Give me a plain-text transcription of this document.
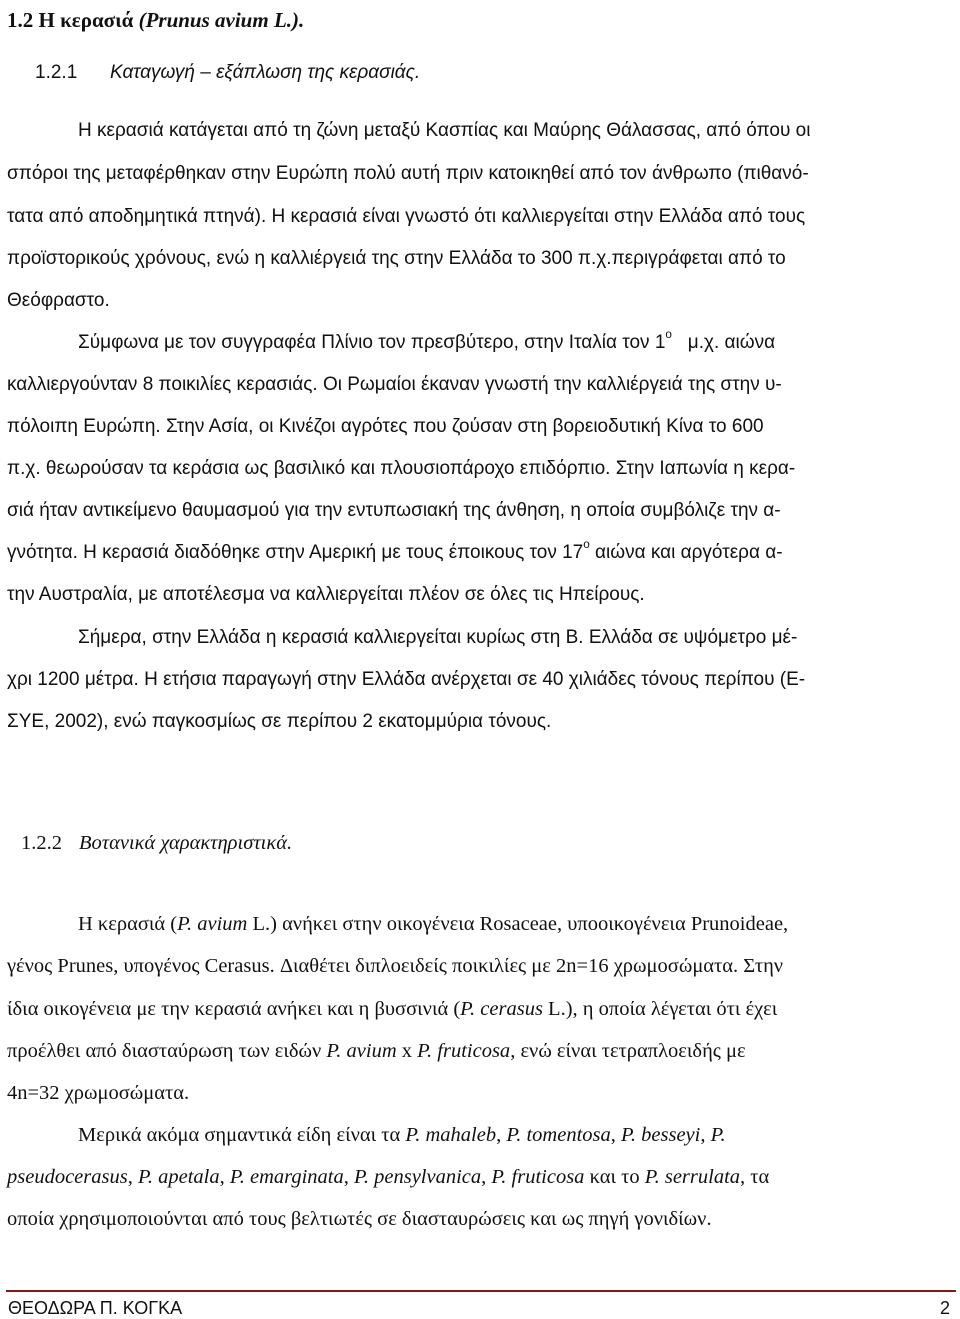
1.2 Η κερασιά (Prunus avium L.).
1.2.1 Καταγωγή – εξάπλωση της κερασιάς.
Η κερασιά κατάγεται από τη ζώνη μεταξύ Κασπίας και Μαύρης Θάλασσας, από όπου οι
σπόροι της μεταφέρθηκαν στην Ευρώπη πολύ αυτή πριν κατοικηθεί από τον άνθρωπο (πιθανό-
τατα από αποδημητικά πτηνά). Η κερασιά είναι γνωστό ότι καλλιεργείται στην Ελλάδα από τους
προϊστορικούς χρόνους, ενώ η καλλιέργειά της στην Ελλάδα το 300 π.χ.περιγράφεται από το
Θεόφραστο.
Σύμφωνα με τον συγγραφέα Πλίνιο τον πρεσβύτερο, στην Ιταλία τον $1^o$ μ.χ. αιώνα
καλλιεργούνταν 8 ποικιλίες κερασιάς. Οι Ρωμαίοι έκαναν γνωστή την καλλιέργειά της στην υ-
πόλοιπη Ευρώπη. Στην Ασία, οι Κινέζοι αγρότες που ζούσαν στη βορειοδυτική Κίνα το 600
π.χ. θεωρούσαν τα κεράσια ως βασιλικό και πλουσιοπάροχο επιδόρπιο. Στην Ιαπωνία η κερα-
σιά ήταν αντικείμενο θαυμασμού για την εντυπωσιακή της άνθηση, η οποία συμβόλιζε την α-
γνότητα. Η κερασιά διαδόθηκε στην Αμερική με τους έποικους τον $17^o$ αιώνα και αργότερα α-
την Αυστραλία, με αποτέλεσμα να καλλιεργείται πλέον σε όλες τις Ηπείρους.
Σήμερα, στην Ελλάδα η κερασιά καλλιεργείται κυρίως στη Β. Ελλάδα σε υψόμετρο μέ-
χρι 1200 μέτρα. Η ετήσια παραγωγή στην Ελλάδα ανέρχεται σε 40 χιλιάδες τόνους περίπου (Ε-
ΣΥΕ, 2002), ενώ παγκοσμίως σε περίπου 2 εκατομμύρια τόνους.
1.2.2 Βοτανικά χαρακτηριστικά.
Η κερασιά (P. avium L.) ανήκει στην οικογένεια Rosaceae, υποοικογένεια Prunoideae,
γένος Prunes, υπογένος Cerasus. Διαθέτει διπλοειδείς ποικιλίες με 2n=16 χρωμοσώματα. Στην
ίδια οικογένεια με την κερασιά ανήκει και η βυσσινιά (P. cerasus L.), η οποία λέγεται ότι έχει
προέλθει από διασταύρωση των ειδών P. avium x P. fruticosa, ενώ είναι τετραπλοειδής με
4n=32 χρωμοσώματα.
Μερικά ακόμα σημαντικά είδη είναι τα P. mahaleb, P. tomentosa, P. besseyi, P.
pseudocerasus, P. apetala, P. emarginata, P. pensylvanica, P. fruticosa και το P. serrulata, τα
οποία χρησιμοποιούνται από τους βελτιωτές σε διασταυρώσεις και ως πηγή γονιδίων.
ΘΕΟΔΩΡΑ Π. ΚΟΓΚΑ	2
